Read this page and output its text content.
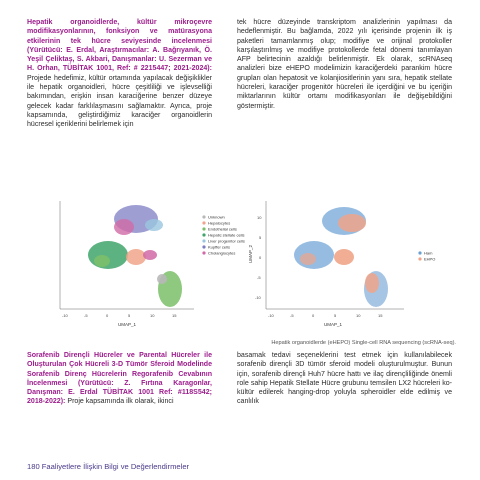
Hepatik organoidlerde, kültür mikroçevre modifikasyonlarının, fonksiyon ve matürasyona etkilerinin tek hücre seviyesinde incelenmesi (Yürütücü: E. Erdal, Araştırmacılar: A. Bağrıyanık, Ö. Yeşil Çeliktaş, S. Akbari, Danışmanlar: U. Sezerman ve H. Orhan, TÜBİTAK 1001, Ref: # 2215447; 2021-2024): Projede hedefimiz, kültür ortamında yapılacak değişiklikler ile hepatik organoidleri, hücre çeşitliliği ve işlevselliği bakımından, erişkin insan karaciğerine benzer düzeye gelecek kadar farklılaşmasını sağlamaktır. Ayrıca, proje kapsamında, geliştirdiğimiz karaciğer organoidlerin hücresel içeriklerini belirlemek için
tek hücre düzeyinde transkriptom analizlerinin yapılması da hedeflenmiştir. Bu bağlamda, 2022 yılı içerisinde projenin ilk iş paketleri tamamlanmış olup; modifiye ve orijinal protokoller karşılaştırılmış ve modifiye protokollerde fetal dönemi tanımlayan AFP belirtecinin azaldığı belirlenmiştir. Ek olarak, scRNAseq analizleri bize eHEPO modelimizin karaciğerdeki parankim hücre grupları olan hepatosit ve kolanjiositlerinin yanı sıra, hepatik stellate hücreleri, karaciğer progenitör hücreleri ile içerdiğini ve bu içeriğin miktarlarının kültür ortamı modifikasyonları ile değişebildiğini göstermiştir.
-10	-5	0	5	10	15
UMAP_1
Unknown
Hepatocytes
Endothelial cells
Hepatic stellate cells
Liver progenitor cells
Kupffer cells
Cholangiocytes
10
5
0
-5
-10
UMAP_2
-10	-5	0	5	10	15
UMAP_1
Ham
EHPO
Hepatik organoidlerde (eHEPO) Single-cell RNA sequencing (scRNA-seq).
Sorafenib Dirençli Hücreler ve Parental Hücreler ile Oluşturulan Çok Hücreli 3-D Tümör Sferoid Modelinde Sorafenib Direnç Hücrelerin Regorafenib Cevabının İncelenmesi (Yürütücü: Z. Fırtına Karagonlar, Danışman: E. Erdal TÜBİTAK 1001 Ref: #118S542; 2018-2022): Proje kapsamında ilk olarak, ikinci
basamak tedavi seçeneklerini test etmek için kullanılabilecek sorafenib dirençli 3D tümör sferoid modeli oluşturulmuştur. Bunun için, sorafenib dirençli Huh7 hücre hattı ve ilaç dirençliliğinde önemli role sahip Hepatik Stellate Hücre grubunu temsilen LX2 hücreleri ko-kültür edilerek hanging-drop yoluyla spheroidler elde edilmiş ve canlılık
180 Faaliyetlere İlişkin Bilgi ve Değerlendirmeler
